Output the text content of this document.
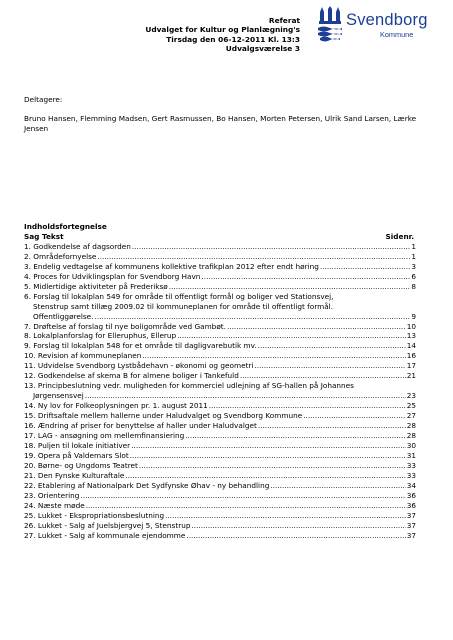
Referat
Udvalget for Kultur og Planlægning's
Tirsdag den 06-12-2011 Kl. 13:3
Udvalgsværelse 3
Svendborg
Kommune
Deltagere:
Bruno Hansen, Flemming Madsen, Gert Rasmussen, Bo Hansen, Morten Petersen, Ulrik Sand Larsen, Lærke Jensen
Indholdsfortegnelse
Sag Tekst	Sidenr.
1. Godkendelse af dagsorden .....	1
2. Områdefornyelse .....	1
3. Endelig vedtagelse af kommunens kollektive trafikplan 2012 efter endt høring .....	3
4. Proces for Udviklingsplan for Svendborg Havn .....	6
5. Midlertidige aktiviteter på Frederiksø .....	8
6. Forslag til lokalplan 549 for område til offentligt formål og boliger ved Stationsvej,
Stenstrup samt tillæg 2009.02 til kommuneplanen for område til offentligt formål.
Offentliggørelse. .....	9
7. Drøftelse af forslag til nye boligområde ved Gambøt. .....	10
8. Lokalplanforslag for Elleruphus, Ellerup .....	13
9. Forslag til lokalplan 548 for et område til dagligvarebutik mv. .....	14
10. Revision af kommuneplanen .....	16
11. Udvidelse Svendborg Lystbådehavn - økonomi og geometri .....	17
12. Godkendelse af skema B for almene boliger i Tankefuld .....	21
13. Principbeslutning vedr. muligheden for kommerciel udlejning af SG-hallen på Johannes
Jørgensensvej .....	23
14. Ny lov for Folkeoplysningen pr. 1. august 2011 .....	25
15. Driftsaftale mellem hallerne under Haludvalget og Svendborg Kommune .....	27
16. Ændring af priser for benyttelse af haller under Haludvalget .....	28
17. LAG - ansøgning om mellemfinansiering .....	28
18. Puljen til lokale initiativer .....	30
19. Opera på Valdemars Slot .....	31
20. Børne- og Ungdoms Teatret .....	33
21. Den Fynske Kulturaftale .....	33
22. Etablering af Nationalpark Det Sydfynske Øhav - ny behandling .....	34
23. Orientering .....	36
24. Næste møde .....	36
25. Lukket - Ekspropriationsbeslutning .....	37
26. Lukket - Salg af Juelsbjergvej 5, Stenstrup .....	37
27. Lukket - Salg af kommunale ejendomme .....	37
